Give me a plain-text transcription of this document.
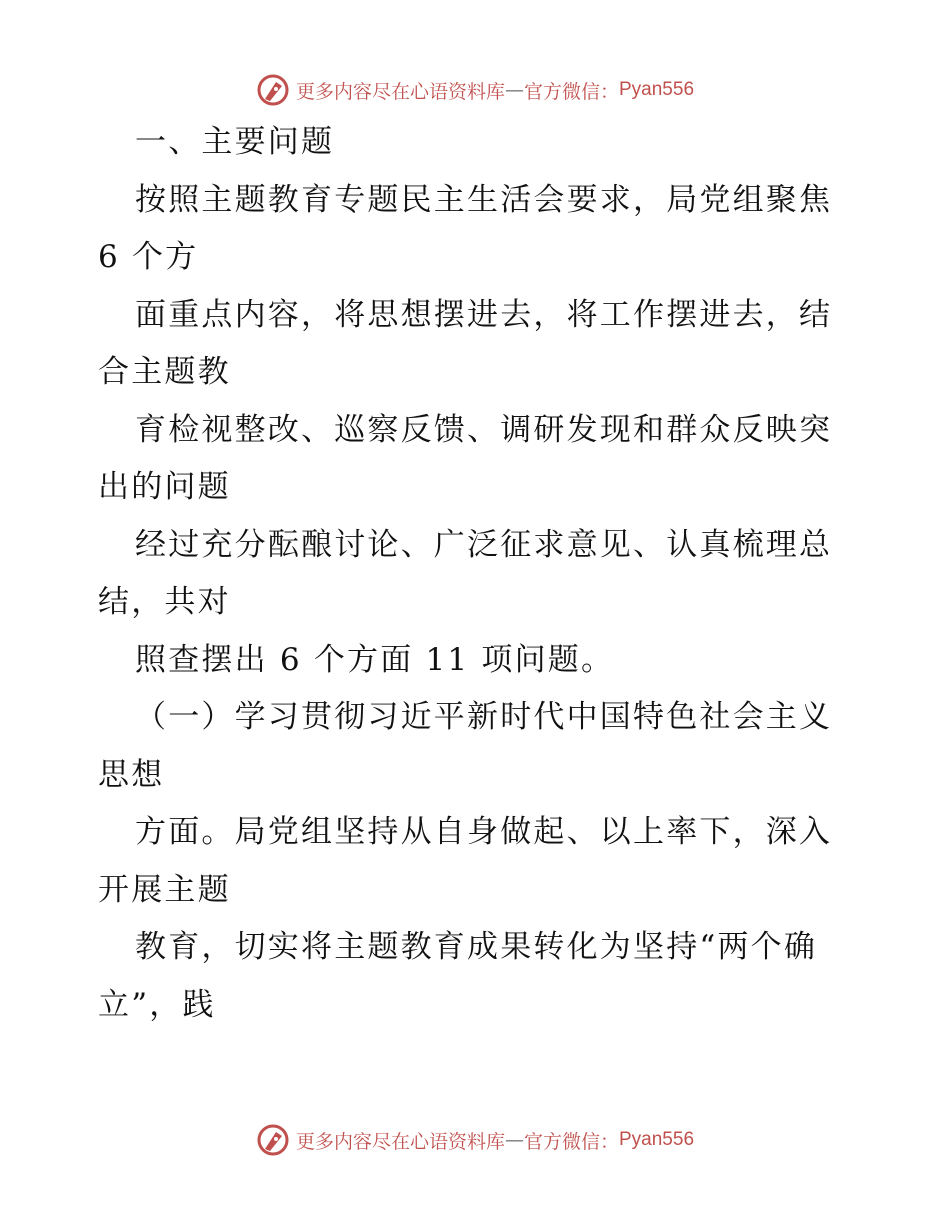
更多内容尽在心语资料库 — 官方微信： Pyan556
一、主要问题
按照主题教育专题民主生活会要求，局党组聚焦
6 个方
面重点内容，将思想摆进去，将工作摆进去，结
合主题教
育检视整改、巡察反馈、调研发现和群众反映突
出的问题
经过充分酝酿讨论、广泛征求意见、认真梳理总
结，共对
照查摆出 6 个方面 11 项问题。
（一）学习贯彻习近平新时代中国特色社会主义
思想
方面。局党组坚持从自身做起、以上率下，深入
开展主题
教育，切实将主题教育成果转化为坚持“两个确
立”，践
更多内容尽在心语资料库 — 官方微信： Pyan556
